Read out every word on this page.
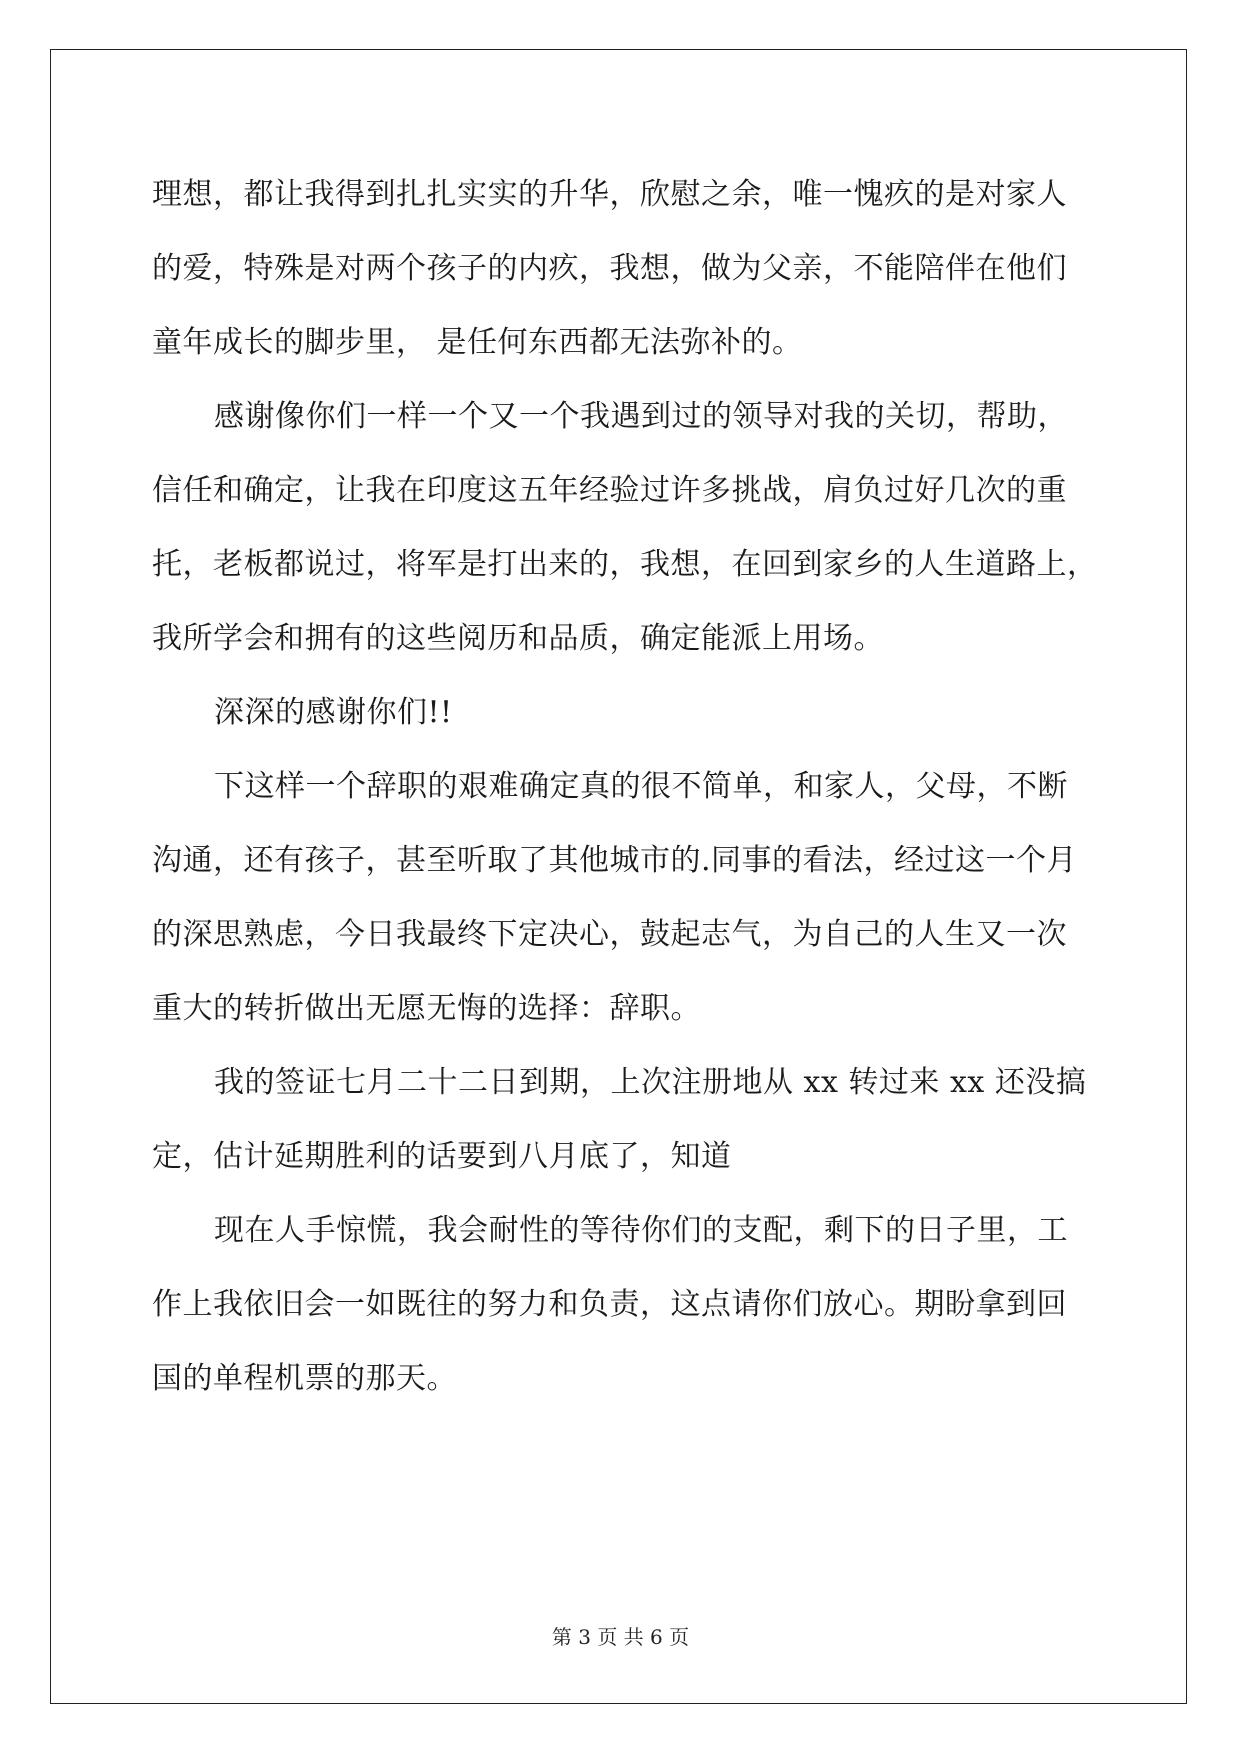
理想，都让我得到扎扎实实的升华，欣慰之余，唯一愧疚的是对家人
的爱，特殊是对两个孩子的内疚，我想，做为父亲，不能陪伴在他们
童年成长的脚步里， 是任何东西都无法弥补的。
感谢像你们一样一个又一个我遇到过的领导对我的关切，帮助，
信任和确定，让我在印度这五年经验过许多挑战，肩负过好几次的重
托，老板都说过，将军是打出来的，我想，在回到家乡的人生道路上，
我所学会和拥有的这些阅历和品质，确定能派上用场。
深深的感谢你们!!
下这样一个辞职的艰难确定真的很不简单，和家人，父母，不断
沟通，还有孩子，甚至听取了其他城市的.同事的看法，经过这一个月
的深思熟虑，今日我最终下定决心，鼓起志气，为自己的人生又一次
重大的转折做出无愿无悔的选择：辞职。
我的签证七月二十二日到期，上次注册地从 xx 转过来 xx 还没搞
定，估计延期胜利的话要到八月底了，知道
现在人手惊慌，我会耐性的等待你们的支配，剩下的日子里，工
作上我依旧会一如既往的努力和负责，这点请你们放心。期盼拿到回
国的单程机票的那天。
第 3 页 共 6 页
